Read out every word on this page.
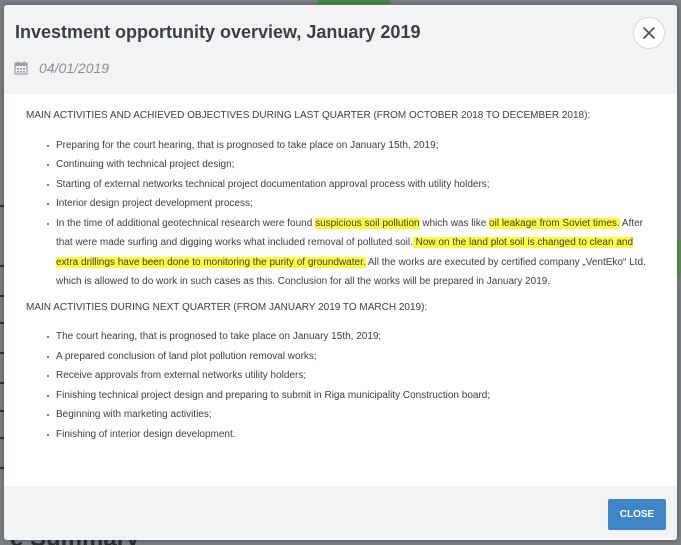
Investment opportunity overview, January 2019
04/01/2019
MAIN ACTIVITIES AND ACHIEVED OBJECTIVES DURING LAST QUARTER (FROM OCTOBER 2018 TO DECEMBER 2018):
Preparing for the court hearing, that is prognosed to take place on January 15th, 2019;
Continuing with technical project design;
Starting of external networks technical project documentation approval process with utility holders;
Interior design project development process;
In the time of additional geotechnical research were found suspicious soil pollution which was like oil leakage from Soviet times. After that were made surfing and digging works what included removal of polluted soil. Now on the land plot soil is changed to clean and extra drillings have been done to monitoring the purity of groundwater. All the works are executed by certified company „VentEko“ Ltd. which is allowed to do work in such cases as this. Conclusion for all the works will be prepared in January 2019.
MAIN ACTIVITIES DURING NEXT QUARTER (FROM JANUARY 2019 TO MARCH 2019):
The court hearing, that is prognosed to take place on January 15th, 2019;
A prepared conclusion of land plot pollution removal works;
Receive approvals from external networks utility holders;
Finishing technical project design and preparing to submit in Riga municipality Construction board;
Beginning with marketing activities;
Finishing of interior design development.
CLOSE
